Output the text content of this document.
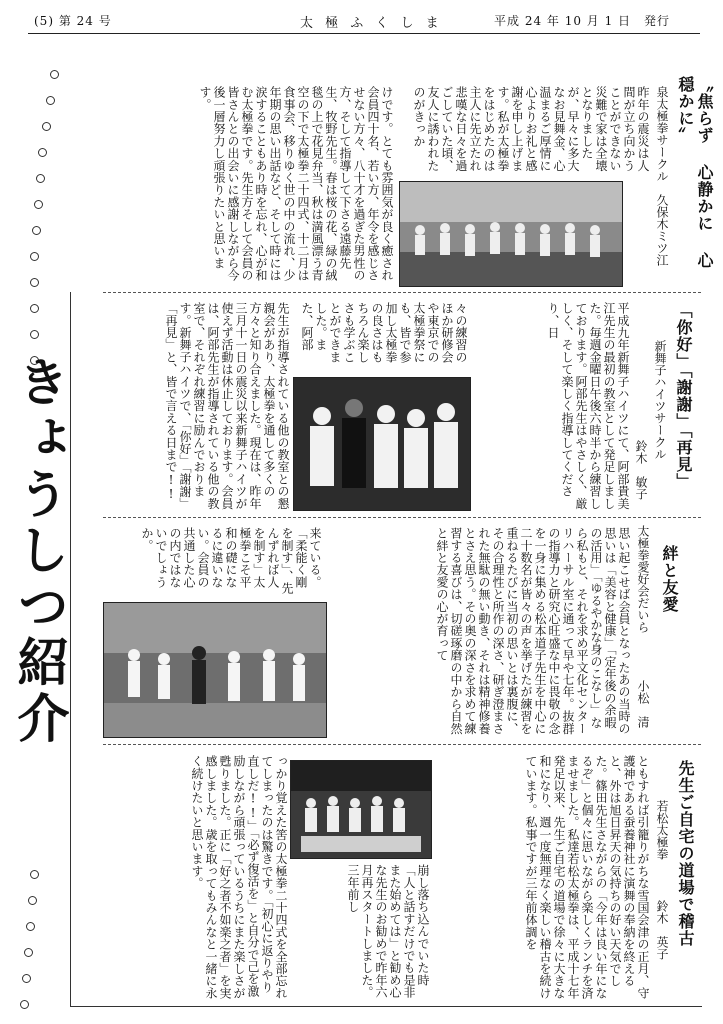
(5) 第 24 号	太 極 ふ く し ま	平成 24 年 10 月 1 日　発行
きょうしつ紹介
〝焦らず 心静かに 心穏かに〟
泉太極拳サークル　久保木ミツ江
昨年の震災は人間が立ち向かうことができない災難で家は全壊となりましたが、早々に多大なお見舞金、心温まるご厚情に心よりお礼と感謝を申し上げます。私が太極拳をはじめたのは主人に先立たれ悲嘆な日々を過ごしていた頃、友人に誘われたのがきっか
けです。とても雰囲気が良く癒され会員四十名、若い方、年令を感じさせない方々、八十才を過ぎた男性の方、そして指導して下さる遠藤先生、牧野先生。春は桜の花、緑の絨毯の上で花見弁当、秋は満風漂う青空の下で太極拳二十四式、十二月は食事会、移りゆく世の中の流れ、少年期の思い出話など、そして時には涙することもあり時を忘れ、心が和む太極拳です。先生方そして会員の皆さんとの出会いに感謝しながら今後一層努力し頑張りたいと思います。
「你好」「謝謝」「再見」
新舞子ハイツサークル
鈴木　敏子
平成九年新舞子ハイツにて、阿部貴美江先生の最初の教室として発足しました。毎週金曜日午後六時半から練習しております。阿部先生はやさしく、厳しく、そして楽しく指導してくださり、日
々の練習のほか研修会や東京での太極拳祭にも、皆で参加し太極拳の良さはもちろん楽しさも学ぶことができました。また、阿部
先生が指導されている他の教室との懇親会があり、太極拳を通して多くの方々と知り合えました。現在は、昨年三月十一日の震災以来新舞子ハイツが使えず活動は休止しております。会員は、阿部先生が指導されている他の教室で、それぞれ練習に励んでおります。新舞子ハイツで、「你好」「謝謝」「再見」と、皆で言える日まで!!
絆と友愛
太極拳愛好会だいら
小松　清
思い起こせば会員となったあの当時の思いは「美容と健康」「定年後の余暇の活用」「ゆるやかな身のこなし」なら私もと、それを求め平文化センターリハーサル室に通って早や七年。抜群の指導力と研究心旺盛な中に畏敬の念を一身に集める松本道子先生を中心に二十数名が皆々の声を挙げたが練習を重ねるたびに当初の思いとは裏腹に、その合理性と所作の深さ、研ぎ澄まされた無駄の無い動き、それは精神修養とさえ思う。その奥の深さを求めて練習する喜びは、切磋琢磨の中から自然と絆と友愛の心が育って
来ている。「柔能く剛を制す」、先んずれば人を制す」太極拳こそ平和の礎になるに違いない。会員の共通した心の内ではないでしょうか。
先生ご自宅の道場で稽古
若松太極拳
鈴木　英子
ともすれば引籠りがちな雪国会津の正月、守護神である蚕養神社に演舞の奉納を終えると、外は旭日昇天の気持ちの好い天気でした。篠田先生さながらの「今年は良い年になるぞ」と個々に思いながら楽しくランチを済ませました。私達若松太極拳は、平成十七年発足以来、先生ご自宅の道場で徐々に大きな和になり、週一度無理なく楽しい稽古を続けています。私事ですが三年前体調を
崩し落ち込んでいた時「人と話すだけでも是非また始めては」と勧め心な先生のお勧めで昨年六月再スタートしました。三年前し
っかり覚えた筈の太極拳二十四式を全部忘れてしまったのは驚きです。「初心に返りやり直しだ!!」「必ず復活を」と自分で己を激励しながら頑張っているうちにまた楽しさが甦りました。正に「好之者不如楽之者」を実感しました。歳を取ってもみんなと一緒に永く続けたいと思います。
